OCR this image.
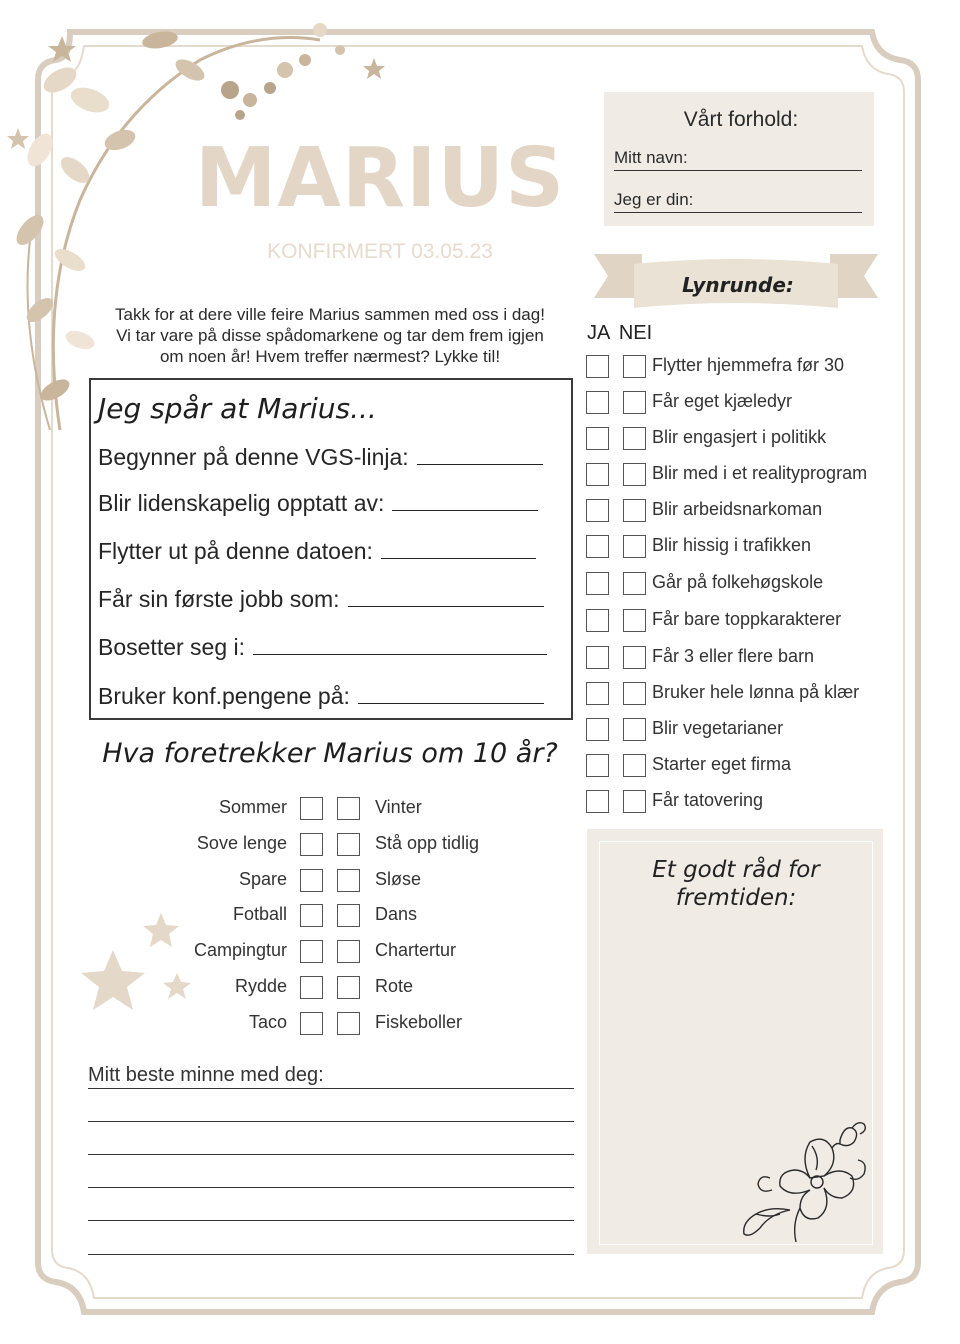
MARIUS
KONFIRMERT 03.05.23
Takk for at dere ville feire Marius sammen med oss i dag!
Vi tar vare på disse spådomarkene og tar dem frem igjen
om noen år! Hvem treffer nærmest? Lykke til!
Jeg spår at Marius...
Begynner på denne VGS-linja:
Blir lidenskapelig opptatt av:
Flytter ut på denne datoen:
Får sin første jobb som:
Bosetter seg i:
Bruker konf.pengene på:
Hva foretrekker Marius om 10 år?
Sommer	Vinter
Sove lenge	Stå opp tidlig
Spare	Sløse
Fotball	Dans
Campingtur	Chartertur
Rydde	Rote
Taco	Fiskeboller
Mitt beste minne med deg:
Vårt forhold:
Mitt navn:
Jeg er din:
Lynrunde:
JA NEI
Flytter hjemmefra før 30
Får eget kjæledyr
Blir engasjert i politikk
Blir med i et realityprogram
Blir arbeidsnarkoman
Blir hissig i trafikken
Går på folkehøgskole
Får bare toppkarakterer
Får 3 eller flere barn
Bruker hele lønna på klær
Blir vegetarianer
Starter eget firma
Får tatovering
Et godt råd for
fremtiden:
